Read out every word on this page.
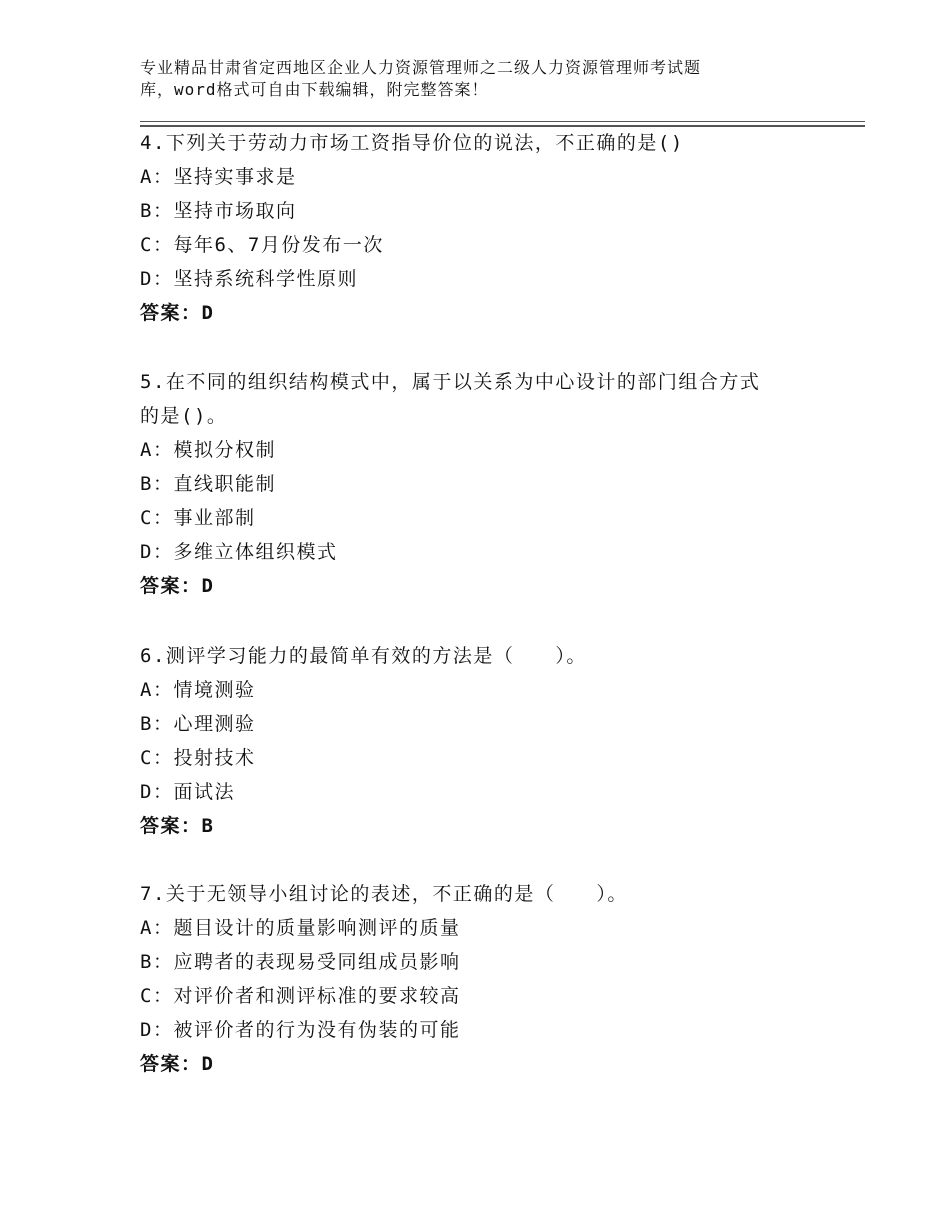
专业精品甘肃省定西地区企业人力资源管理师之二级人力资源管理师考试题
库，word格式可自由下载编辑，附完整答案！
4.下列关于劳动力市场工资指导价位的说法，不正确的是()
A：坚持实事求是
B：坚持市场取向
C：每年6、7月份发布一次
D：坚持系统科学性原则
答案：D
5.在不同的组织结构模式中，属于以关系为中心设计的部门组合方式
的是()。
A：模拟分权制
B：直线职能制
C：事业部制
D：多维立体组织模式
答案：D
6.测评学习能力的最简单有效的方法是（　　）。
A：情境测验
B：心理测验
C：投射技术
D：面试法
答案：B
7.关于无领导小组讨论的表述，不正确的是（　　）。
A：题目设计的质量影响测评的质量
B：应聘者的表现易受同组成员影响
C：对评价者和测评标准的要求较高
D：被评价者的行为没有伪装的可能
答案：D
